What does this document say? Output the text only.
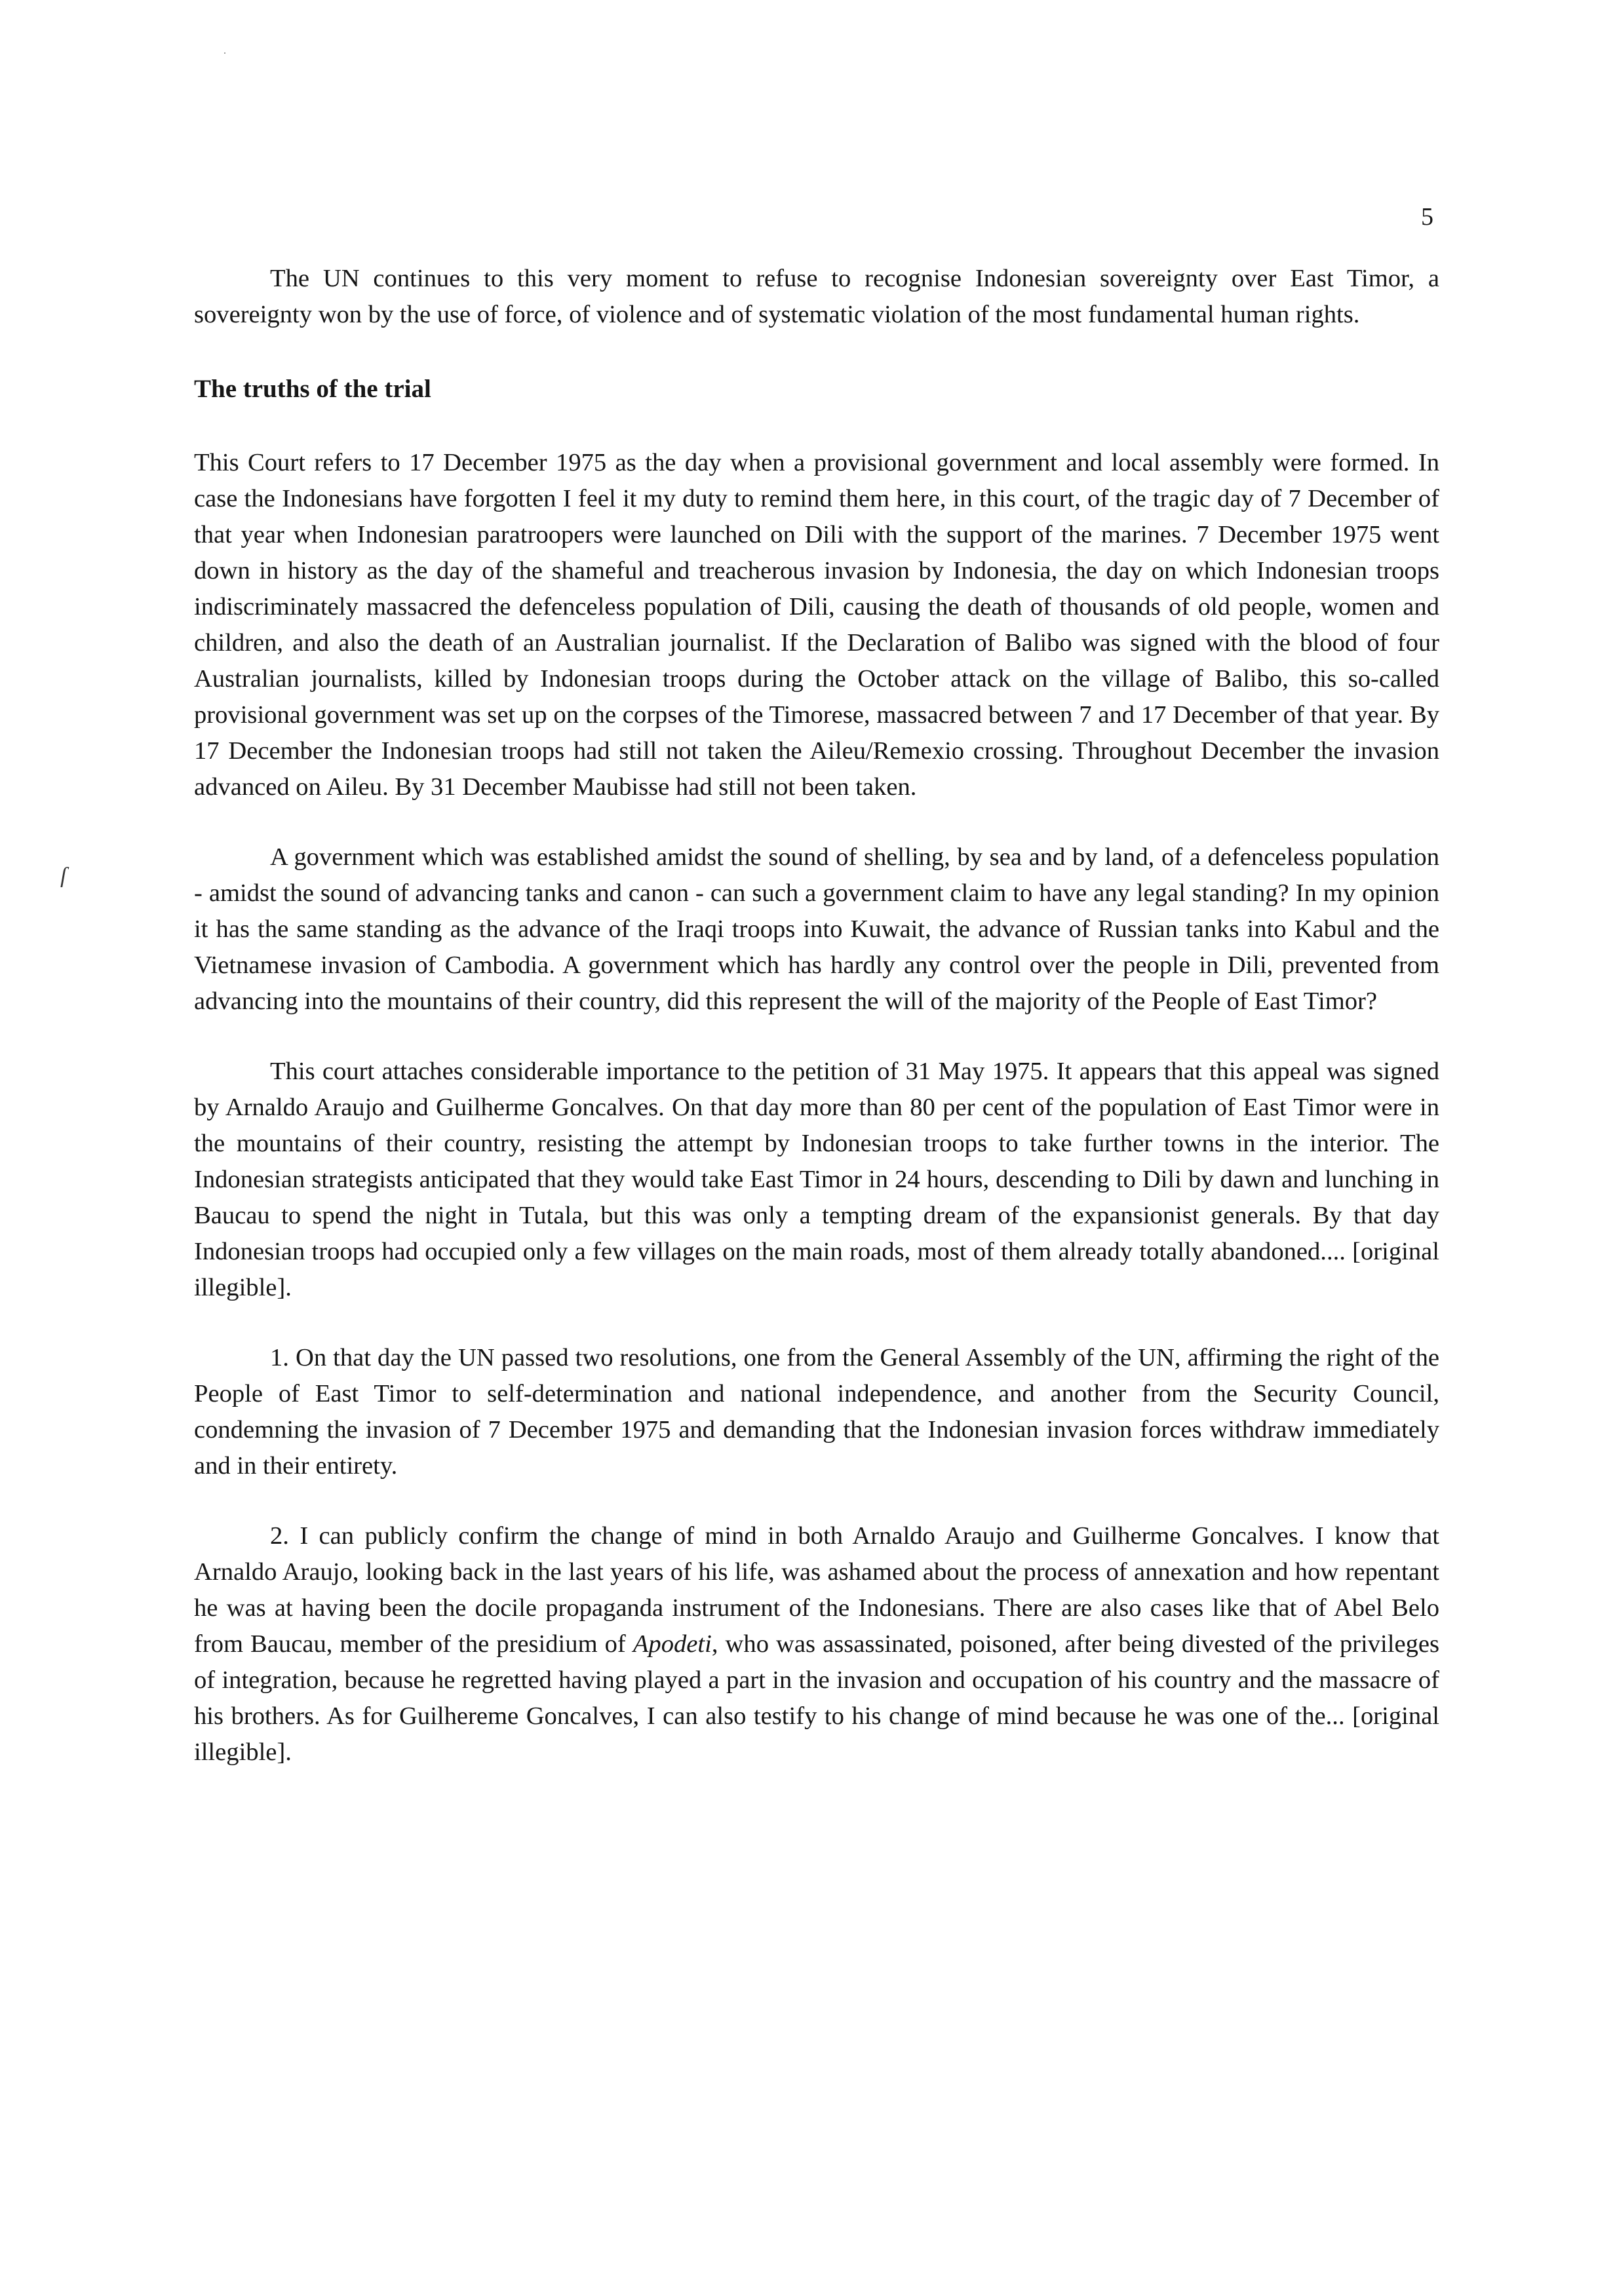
5
ſ

The UN continues to this very moment to refuse to recognise Indonesian sovereignty over East Timor, a sovereignty won by the use of force, of violence and of systematic violation of the most fundamental human rights.

The truths of the trial

This Court refers to 17 December 1975 as the day when a provisional government and local assembly were formed. In case the Indonesians have forgotten I feel it my duty to remind them here, in this court, of the tragic day of 7 December of that year when Indonesian paratroopers were launched on Dili with the support of the marines. 7 December 1975 went down in history as the day of the shameful and treacherous invasion by Indonesia, the day on which Indonesian troops indiscriminately massacred the defenceless population of Dili, causing the death of thousands of old people, women and children, and also the death of an Australian journalist. If the Declaration of Balibo was signed with the blood of four Australian journalists, killed by Indonesian troops during the October attack on the village of Balibo, this so-called provisional government was set up on the corpses of the Timorese, massacred between 7 and 17 December of that year. By 17 December the Indonesian troops had still not taken the Aileu/Remexio crossing. Throughout December the invasion advanced on Aileu. By 31 December Maubisse had still not been taken.

A government which was established amidst the sound of shelling, by sea and by land, of a defenceless population - amidst the sound of advancing tanks and canon - can such a government claim to have any legal standing? In my opinion it has the same standing as the advance of the Iraqi troops into Kuwait, the advance of Russian tanks into Kabul and the Vietnamese invasion of Cambodia. A government which has hardly any control over the people in Dili, prevented from advancing into the mountains of their country, did this represent the will of the majority of the People of East Timor?

This court attaches considerable importance to the petition of 31 May 1975. It appears that this appeal was signed by Arnaldo Araujo and Guilherme Goncalves. On that day more than 80 per cent of the population of East Timor were in the mountains of their country, resisting the attempt by Indonesian troops to take further towns in the interior. The Indonesian strategists anticipated that they would take East Timor in 24 hours, descending to Dili by dawn and lunching in Baucau to spend the night in Tutala, but this was only a tempting dream of the expansionist generals. By that day Indonesian troops had occupied only a few villages on the main roads, most of them already totally abandoned.... [original illegible].

1. On that day the UN passed two resolutions, one from the General Assembly of the UN, affirming the right of the People of East Timor to self-determination and national independence, and another from the Security Council, condemning the invasion of 7 December 1975 and demanding that the Indonesian invasion forces withdraw immediately and in their entirety.

2. I can publicly confirm the change of mind in both Arnaldo Araujo and Guilherme Goncalves. I know that Arnaldo Araujo, looking back in the last years of his life, was ashamed about the process of annexation and how repentant he was at having been the docile propaganda instrument of the Indonesians. There are also cases like that of Abel Belo from Baucau, member of the presidium of Apodeti, who was assassinated, poisoned, after being divested of the privileges of integration, because he regretted having played a part in the invasion and occupation of his country and the massacre of his brothers. As for Guilhereme Goncalves, I can also testify to his change of mind because he was one of the... [original illegible].
